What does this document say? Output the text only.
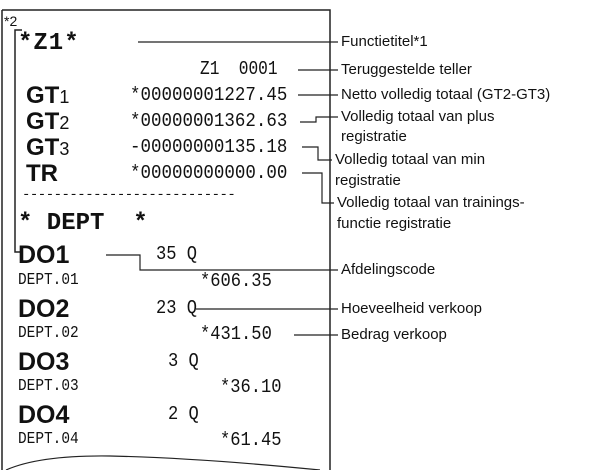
*2
*Z1*
Z1  0001
GT1	*00000001227.45
GT2	*00000001362.63
GT3	-00000000135.18
TR	*00000000000.00
---------------------------
* DEPT  *
DO1	35 Q
DEPT.01	*606.35
DO2	23 Q
DEPT.02	*431.50
DO3	3 Q
DEPT.03	*36.10
DO4	2 Q
DEPT.04	*61.45
Functietitel*1
Teruggestelde teller
Netto volledig totaal (GT2-GT3)
Volledig totaal van plus
registratie
Volledig totaal van min
registratie
Volledig totaal van trainings-
functie registratie
Afdelingscode
Hoeveelheid verkoop
Bedrag verkoop
